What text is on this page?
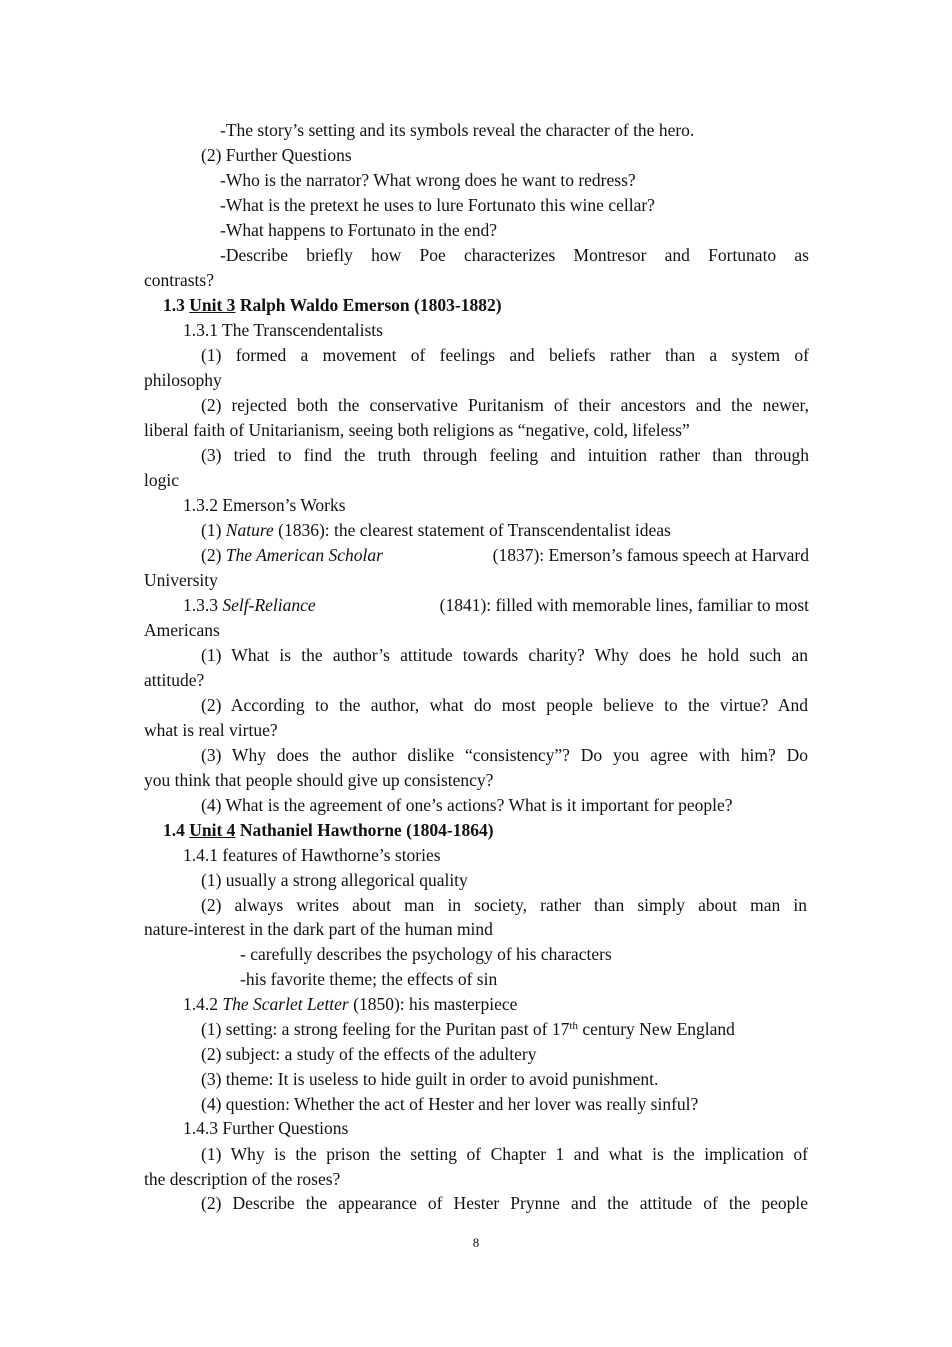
-The story’s setting and its symbols reveal the character of the hero.
(2) Further Questions
-Who is the narrator? What wrong does he want to redress?
-What is the pretext he uses to lure Fortunato this wine cellar?
-What happens to Fortunato in the end?
-Describe briefly how Poe characterizes Montresor and Fortunato as
contrasts?
1.3 Unit 3 Ralph Waldo Emerson (1803-1882)
1.3.1 The Transcendentalists
(1) formed a movement of feelings and beliefs rather than a system of
philosophy
(2) rejected both the conservative Puritanism of their ancestors and the newer,
liberal faith of Unitarianism, seeing both religions as “negative, cold, lifeless”
(3) tried to find the truth through feeling and intuition rather than through
logic
1.3.2 Emerson’s Works
(1) Nature (1836): the clearest statement of Transcendentalist ideas
(2) The American Scholar	(1837): Emerson’s famous speech at Harvard
University
1.3.3 Self-Reliance	(1841): filled with memorable lines, familiar to most
Americans
(1) What is the author’s attitude towards charity? Why does he hold such an
attitude?
(2) According to the author, what do most people believe to the virtue? And
what is real virtue?
(3) Why does the author dislike “consistency”? Do you agree with him? Do
you think that people should give up consistency?
(4) What is the agreement of one’s actions? What is it important for people?
1.4 Unit 4 Nathaniel Hawthorne (1804-1864)
1.4.1 features of Hawthorne’s stories
(1) usually a strong allegorical quality
(2) always writes about man in society, rather than simply about man in
nature-interest in the dark part of the human mind
- carefully describes the psychology of his characters
-his favorite theme; the effects of sin
1.4.2 The Scarlet Letter (1850): his masterpiece
(1) setting: a strong feeling for the Puritan past of 17th century New England
(2) subject: a study of the effects of the adultery
(3) theme: It is useless to hide guilt in order to avoid punishment.
(4) question: Whether the act of Hester and her lover was really sinful?
1.4.3 Further Questions
(1) Why is the prison the setting of Chapter 1 and what is the implication of
the description of the roses?
(2) Describe the appearance of Hester Prynne and the attitude of the people
8
